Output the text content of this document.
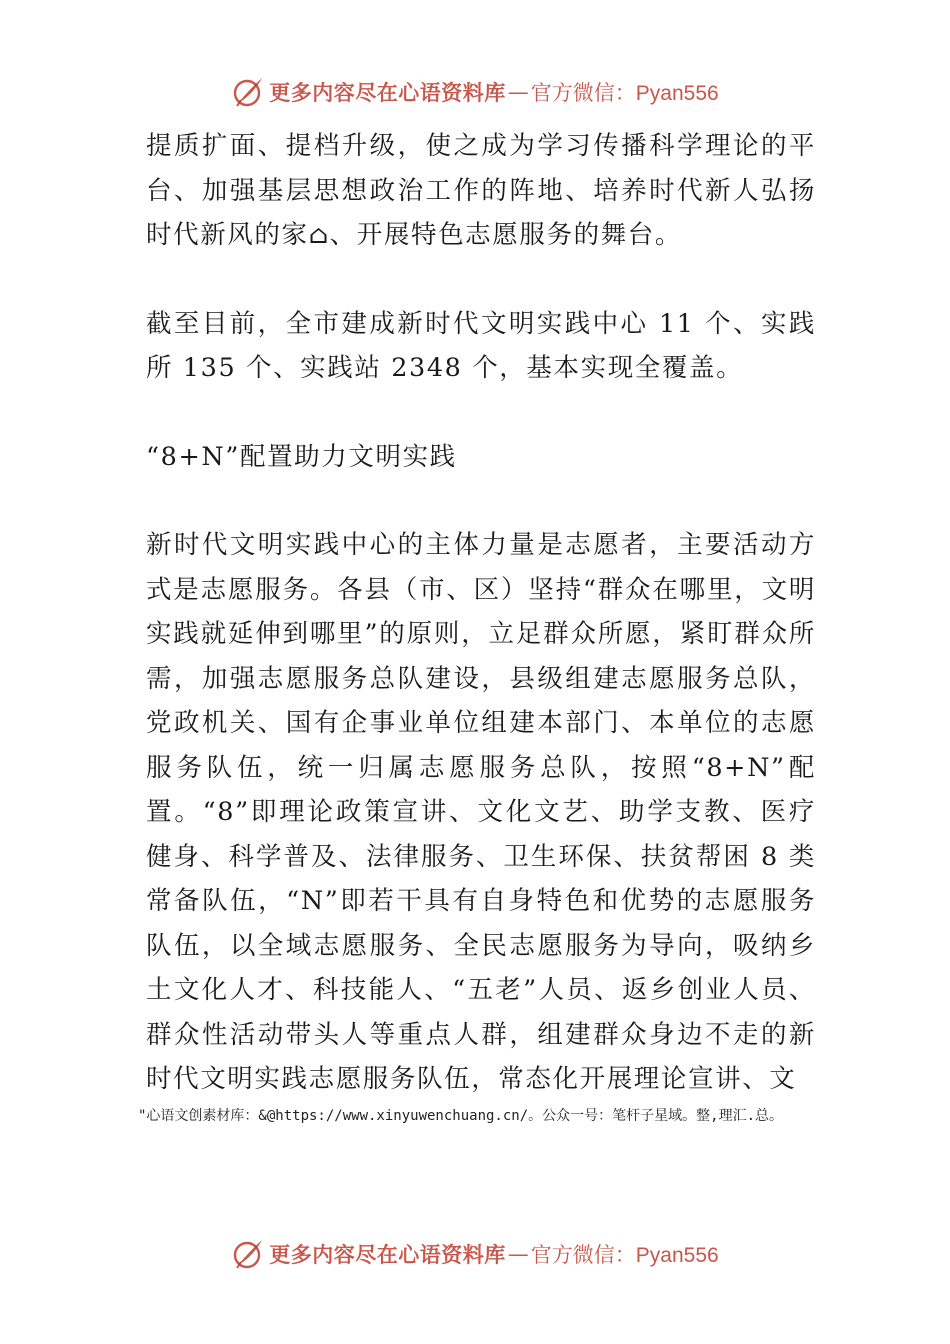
更多内容尽在心语资料库 — 官方微信：Pyan556

提质扩面、提档升级，使之成为学习传播科学理论的平台、加强基层思想政治工作的阵地、培养时代新人弘扬时代新风的家⌂、开展特色志愿服务的舞台。

截至目前，全市建成新时代文明实践中心 11 个、实践所 135 个、实践站 2348 个，基本实现全覆盖。

“8+N”配置助力文明实践

新时代文明实践中心的主体力量是志愿者，主要活动方式是志愿服务。各县（市、区）坚持“群众在哪里，文明实践就延伸到哪里”的原则，立足群众所愿，紧盯群众所需，加强志愿服务总队建设，县级组建志愿服务总队，党政机关、国有企事业单位组建本部门、本单位的志愿服务队伍，统一归属志愿服务总队，按照“8+N”配置。“8”即理论政策宣讲、文化文艺、助学支教、医疗健身、科学普及、法律服务、卫生环保、扶贫帮困 8 类常备队伍，“N”即若干具有自身特色和优势的志愿服务队伍，以全域志愿服务、全民志愿服务为导向，吸纳乡土文化人才、科技能人、“五老”人员、返乡创业人员、群众性活动带头人等重点人群，组建群众身边不走的新时代文明实践志愿服务队伍，常态化开展理论宣讲、文

"心语文创素材库：&@https://www.xinyuwenchuang.cn/。公众一号：笔杆子星域。整,理汇.总。
更多内容尽在心语资料库 — 官方微信：Pyan556
